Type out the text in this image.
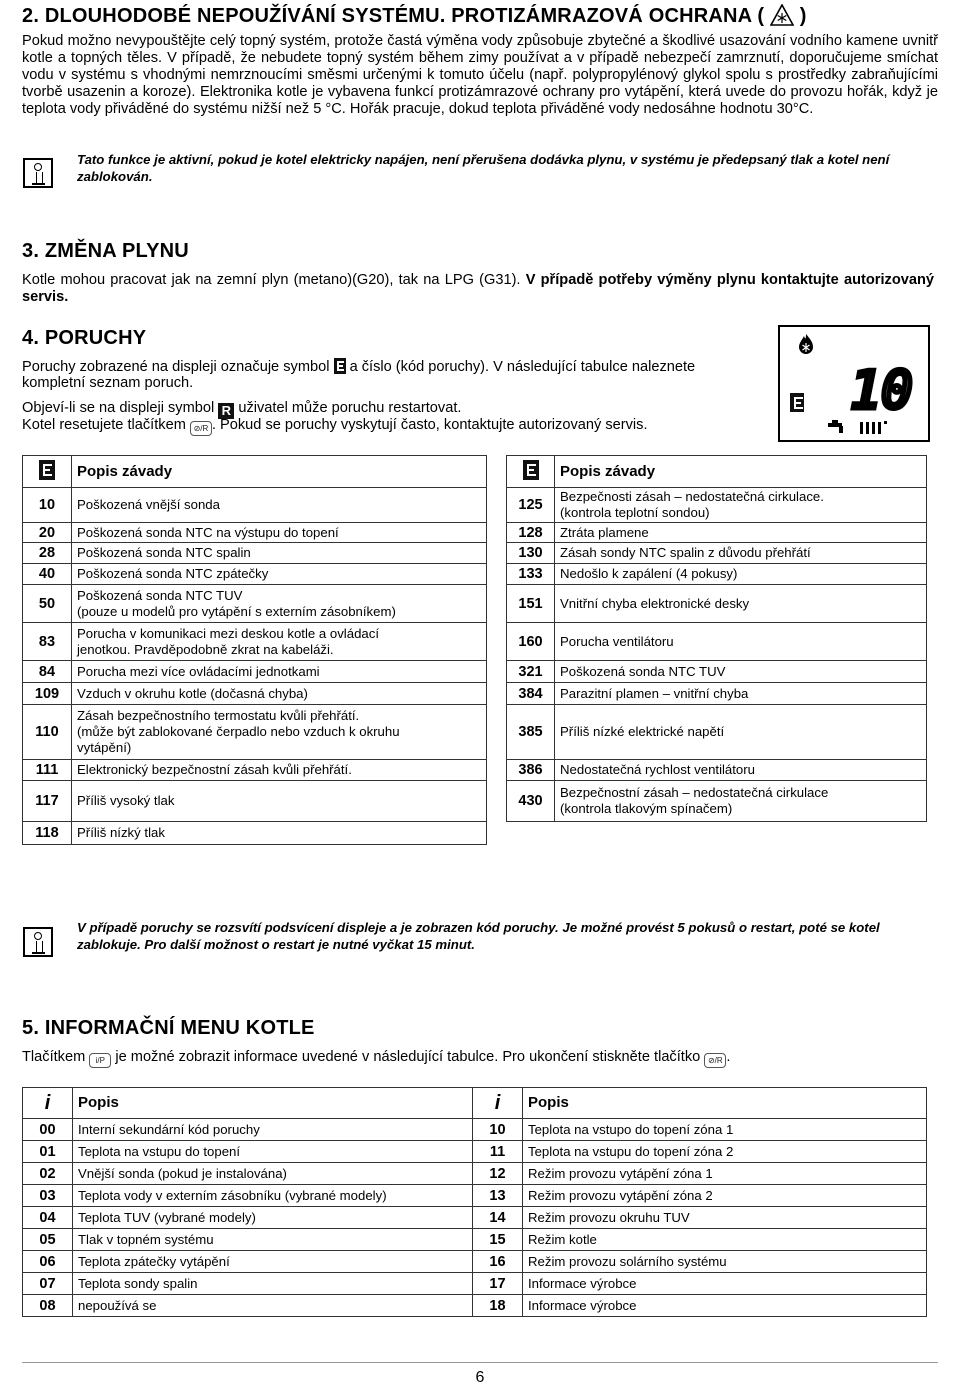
2. DLOUHODOBÉ NEPOUŽÍVÁNÍ SYSTÉMU. PROTIZÁMRAZOVÁ OCHRANA ( )
Pokud možno nevypouštějte celý topný systém, protože častá výměna vody způsobuje zbytečné a škodlivé usazování vodního kamene uvnitř kotle a topných těles. V případě, že nebudete topný systém během zimy používat a v případě nebezpečí zamrznutí, doporučujeme smíchat vodu v systému s vhodnými nemrznoucími směsmi určenými k tomuto účelu (např. polypropylénový glykol spolu s prostředky zabraňujícími tvorbě usazenin a koroze). Elektronika kotle je vybavena funkcí protizámrazové ochrany pro vytápění, která uvede do provozu hořák, když je teplota vody přiváděné do systému nižší než 5 °C. Hořák pracuje, dokud teplota přiváděné vody nedosáhne hodnotu 30°C.
Tato funkce je aktivní, pokud je kotel elektricky napájen, není přerušena dodávka plynu, v systému je předepsaný tlak a kotel není zablokován.
3. ZMĚNA PLYNU
Kotle mohou pracovat jak na zemní plyn (metano)(G20), tak na LPG (G31). V případě potřeby výměny plynu kontaktujte autorizovaný servis.
4. PORUCHY
Poruchy zobrazené na displeji označuje symbol a číslo (kód poruchy). V následující tabulce naleznete
kompletní seznam poruch.
Objeví-li se na displeji symbol R uživatel může poruchu restartovat.
Kotel resetujete tlačítkem ⊘/R . Pokud se poruchy vyskytují často, kontaktujte autorizovaný servis.
10
	Popis závady			Popis závady
10	Poškozená vnější sonda		125	Bezpečnosti zásah – nedostatečná cirkulace.
(kontrola teplotní sondou)

20	Poškozená sonda NTC na výstupu do topení		128	Ztráta plamene

28	Poškozená sonda NTC spalin		130	Zásah sondy NTC spalin z důvodu přehřátí

40	Poškozená sonda NTC zpátečky		133	Nedošlo k zapálení (4 pokusy)

50	Poškozená sonda NTC TUV
(pouze u modelů pro vytápění s externím zásobníkem)		151	Vnitřní chyba elektronické desky

83	Porucha v komunikaci mezi deskou kotle a ovládací
jenotkou. Pravděpodobně zkrat na kabeláži.		160	Porucha ventilátoru

84	Porucha mezi více ovládacími jednotkami		321	Poškozená sonda NTC TUV

109	Vzduch v okruhu kotle (dočasná chyba)		384	Parazitní plamen – vnitřní chyba

110	Zásah bezpečnostního termostatu kvůli přehřátí.
(může být zablokované čerpadlo nebo vzduch k okruhu
vytápění)		385	Příliš nízké elektrické napětí

111	Elektronický bezpečnostní zásah kvůli přehřátí.		386	Nedostatečná rychlost ventilátoru

117	Příliš vysoký tlak		430	Bezpečnostní zásah – nedostatečná cirkulace
(kontrola tlakovým spínačem)

118	Příliš nízký tlak			

V případě poruchy se rozsvítí podsvícení displeje a je zobrazen kód poruchy. Je možné provést 5 pokusů o restart, poté se kotel zablokuje. Pro další možnost o restart je nutné vyčkat 15 minut.
5. INFORMAČNÍ MENU KOTLE
Tlačítkem i/P je možné zobrazit informace uvedené v následující tabulce. Pro ukončení stiskněte tlačítko ⊘/R .
i	Popis	i	Popis
00	Interní sekundární kód poruchy	10	Teplota na vstupo do topení zóna 1

01	Teplota na vstupu do topení	11	Teplota na vstupu do topení zóna 2

02	Vnější sonda (pokud je instalována)	12	Režim provozu vytápění zóna 1

03	Teplota vody v externím zásobníku (vybrané modely)	13	Režim provozu vytápění zóna 2

04	Teplota TUV (vybrané modely)	14	Režim provozu okruhu TUV

05	Tlak v topném systému	15	Režim kotle

06	Teplota zpátečky vytápění	16	Režim provozu solárního systému

07	Teplota sondy spalin	17	Informace výrobce

08	nepoužívá se	18	Informace výrobce
6
